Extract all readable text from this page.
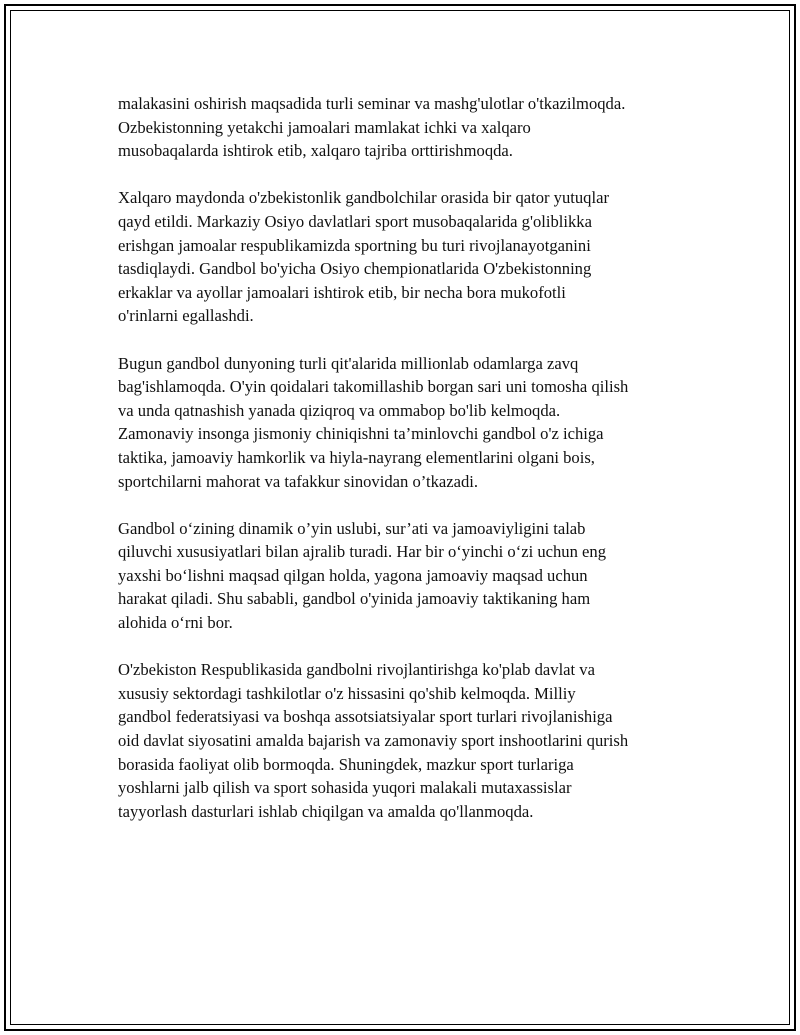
malakasini oshirish maqsadida turli seminar va mashg'ulotlar o'tkazilmoqda.
Ozbekistonning yetakchi jamoalari mamlakat ichki va xalqaro
musobaqalarda ishtirok etib, xalqaro tajriba orttirishmoqda.

Xalqaro maydonda o'zbekistonlik gandbolchilar orasida bir qator yutuqlar
qayd etildi. Markaziy Osiyo davlatlari sport musobaqalarida g'oliblikka
erishgan jamoalar respublikamizda sportning bu turi rivojlanayotganini
tasdiqlaydi. Gandbol bo'yicha Osiyo chempionatlarida O'zbekistonning
erkaklar va ayollar jamoalari ishtirok etib, bir necha bora mukofotli
o'rinlarni egallashdi.

Bugun gandbol dunyoning turli qit'alarida millionlab odamlarga zavq
bag'ishlamoqda. O'yin qoidalari takomillashib borgan sari uni tomosha qilish
va unda qatnashish yanada qiziqroq va ommabop bo'lib kelmoqda.
Zamonaviy insonga jismoniy chiniqishni ta’minlovchi gandbol o'z ichiga
taktika, jamoaviy hamkorlik va hiyla-nayrang elementlarini olgani bois,
sportchilarni mahorat va tafakkur sinovidan o’tkazadi.

Gandbol o‘zining dinamik o’yin uslubi, sur’ati va jamoaviyligini talab
qiluvchi xususiyatlari bilan ajralib turadi. Har bir o‘yinchi o‘zi uchun eng
yaxshi bo‘lishni maqsad qilgan holda, yagona jamoaviy maqsad uchun
harakat qiladi. Shu sababli, gandbol o'yinida jamoaviy taktikaning ham
alohida o‘rni bor.

O'zbekiston Respublikasida gandbolni rivojlantirishga ko'plab davlat va
xususiy sektordagi tashkilotlar o'z hissasini qo'shib kelmoqda. Milliy
gandbol federatsiyasi va boshqa assotsiatsiyalar sport turlari rivojlanishiga
oid davlat siyosatini amalda bajarish va zamonaviy sport inshootlarini qurish
borasida faoliyat olib bormoqda. Shuningdek, mazkur sport turlariga
yoshlarni jalb qilish va sport sohasida yuqori malakali mutaxassislar
tayyorlash dasturlari ishlab chiqilgan va amalda qo'llanmoqda.
